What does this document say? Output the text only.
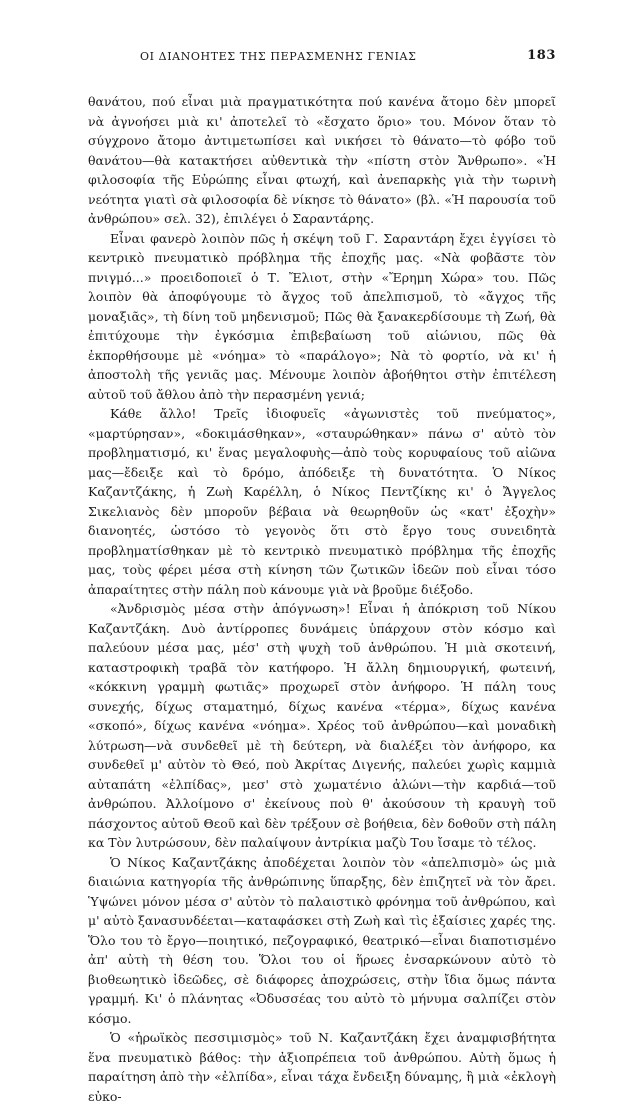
ΟΙ ΔΙΑΝΟΗΤΕΣ ΤΗΣ ΠΕΡΑΣΜΕΝΗΣ ΓΕΝΙΑΣ	183

θανάτου, πού εἶναι μιὰ πραγματικότητα πού κανένα ἄτομο δὲν μπορεῖ νὰ ἀγνοήσει μιὰ κι' ἀποτελεῖ τὸ «ἔσχατο ὅριο» του. Μόνον ὅταν τὸ σύγχρονο ἄτομο ἀντιμετωπίσει καὶ νικήσει τὸ θάνατο—τὸ φόβο τοῦ θανάτου—θὰ κατακτήσει αὐθεντικὰ τὴν «πίστη στὸν Ἄνθρωπο». «Ἡ φιλοσοφία τῆς Εὐρώπης εἶναι φτωχή, καὶ ἀνεπαρκὴς γιὰ τὴν τωρινὴ νεότητα γιατὶ σὰ φιλοσοφία δὲ νίκησε τὸ θάνατο» (βλ. «Ἡ παρουσία τοῦ ἀνθρώπου» σελ. 32), ἐπιλέγει ὁ Σαραντάρης.

Εἶναι φανερὸ λοιπὸν πῶς ἡ σκέψη τοῦ Γ. Σαραντάρη ἔχει ἐγγίσει τὸ κεντρικὸ πνευματικὸ πρόβλημα τῆς ἐποχῆς μας. «Νὰ φοβᾶστε τὸν πνιγμό...» προειδοποιεῖ ὁ Τ. Ἔλιοτ, στὴν «Ἔρημη Χώρα» του. Πῶς λοιπὸν θὰ ἀποφύγουμε τὸ ἄγχος τοῦ ἀπελπισμοῦ, τὸ «ἄγχος τῆς μοναξιᾶς», τὴ δίνη τοῦ μηδενισμοῦ; Πῶς θὰ ξανακερδίσουμε τὴ Ζωή, θὰ ἐπιτύχουμε τὴν ἐγκόσμια ἐπιβεβαίωση τοῦ αἰώνιου, πῶς θὰ ἐκπορθήσουμε μὲ «νόημα» τὸ «παράλογο»; Νὰ τὸ φορτίο, νὰ κι' ἡ ἀποστολὴ τῆς γενιᾶς μας. Μένουμε λοιπὸν ἀβοήθητοι στὴν ἐπιτέλεση αὐτοῦ τοῦ ἄθλου ἀπὸ τὴν περασμένη γενιά;

Κάθε ἄλλο! Τρεῖς ἰδιοφυεῖς «ἀγωνιστὲς τοῦ πνεύματος», «μαρτύρησαν», «δοκιμάσθηκαν», «σταυρώθηκαν» πάνω σ' αὐτὸ τὸν προβληματισμό, κι' ἕνας μεγαλοφυὴς—ἀπὸ τοὺς κορυφαίους τοῦ αἰῶνα μας—ἔδειξε καὶ τὸ δρόμο, ἀπόδειξε τὴ δυνατότητα. Ὁ Νίκος Καζαντζάκης, ἡ Ζωὴ Καρέλλη, ὁ Νίκος Πεντζίκης κι' ὁ Ἄγγελος Σικελιανὸς δὲν μποροῦν βέβαια νὰ θεωρηθοῦν ὡς «κατ' ἐξοχὴν» διανοητές, ὡστόσο τὸ γεγονὸς ὅτι στὸ ἔργο τους συνειδητὰ προβληματίσθηκαν μὲ τὸ κεντρικὸ πνευματικὸ πρόβλημα τῆς ἐποχῆς μας, τοὺς φέρει μέσα στὴ κίνηση τῶν ζωτικῶν ἰδεῶν ποὺ εἶναι τόσο ἀπαραίτητες στὴν πάλη ποὺ κάνουμε γιὰ νὰ βροῦμε διέξοδο.

«Ἀνδρισμὸς μέσα στὴν ἀπόγνωση»! Εἶναι ἡ ἀπόκριση τοῦ Νίκου Καζαντζάκη. Δυὸ ἀντίρροπες δυνάμεις ὑπάρχουν στὸν κόσμο καὶ παλεύουν μέσα μας, μέσ' στὴ ψυχὴ τοῦ ἀνθρώπου. Ἡ μιὰ σκοτεινή, καταστροφικὴ τραβᾶ τὸν κατήφορο. Ἡ ἄλλη δημιουργική, φωτεινή, «κόκκινη γραμμὴ φωτιᾶς» προχωρεῖ στὸν ἀνήφορο. Ἡ πάλη τους συνεχής, δίχως σταματημό, δίχως κανένα «τέρμα», δίχως κανένα «σκοπό», δίχως κανένα «νόημα». Χρέος τοῦ ἀνθρώπου—καὶ μοναδικὴ λύτρωση—νὰ συνδεθεῖ μὲ τὴ δεύτερη, νὰ διαλέξει τὸν ἀνήφορο, κα συνδεθεῖ μ' αὐτὸν τὸ Θεό, ποὺ Ἀκρίτας Διγενής, παλεύει χωρὶς καμμιὰ αὐταπάτη «ἐλπίδας», μεσ' στὸ χωματένιο ἀλώνι—τὴν καρδιά—τοῦ ἀνθρώπου. Ἀλλοίμονο σ' ἐκείνους ποὺ θ' ἀκούσουν τὴ κραυγὴ τοῦ πάσχοντος αὐτοῦ Θεοῦ καὶ δὲν τρέξουν σὲ βοήθεια, δὲν δοθοῦν στὴ πάλη κα Τὸν λυτρώσουν, δὲν παλαίψουν ἀντρίκια μαζὺ Του ἴσαμε τὸ τέλος.

Ὁ Νίκος Καζαντζάκης ἀποδέχεται λοιπὸν τὸν «ἀπελπισμὸ» ὡς μιὰ διαιώνια κατηγορία τῆς ἀνθρώπινης ὕπαρξης, δὲν ἐπιζητεῖ νὰ τὸν ἄρει. Ὑψώνει μόνον μέσα σ' αὐτὸν τὸ παλαιστικὸ φρόνημα τοῦ ἀνθρώπου, καὶ μ' αὐτὸ ξανασυνδέεται—καταφάσκει στὴ Ζωὴ καὶ τὶς ἐξαίσιες χαρές της. Ὅλο του τὸ ἔργο—ποιητικό, πεζογραφικό, θεατρικό—εἶναι διαποτισμένο ἀπ' αὐτὴ τὴ θέση του. Ὅλοι του οἱ ἥρωες ἐνσαρκώνουν αὐτὸ τὸ βιοθεωητικὸ ἰδεῶδες, σὲ διάφορες ἀποχρώσεις, στὴν ἴδια ὅμως πάντα γραμμή. Κι' ὁ πλάνητας «Ὀδυσσέας του αὐτὸ τὸ μήνυμα σαλπίζει στὸν κόσμο.

Ὁ «ἡρωϊκὸς πεσσιμισμὸς» τοῦ Ν. Καζαντζάκη ἔχει ἀναμφισβήτητα ἕνα πνευματικὸ βάθος: τὴν ἀξιοπρέπεια τοῦ ἀνθρώπου. Αὐτὴ ὅμως ἡ παραίτηση ἀπὸ τὴν «ἐλπίδα», εἶναι τάχα ἔνδειξη δύναμης, ἢ μιὰ «ἐκλογὴ εὐκο-
